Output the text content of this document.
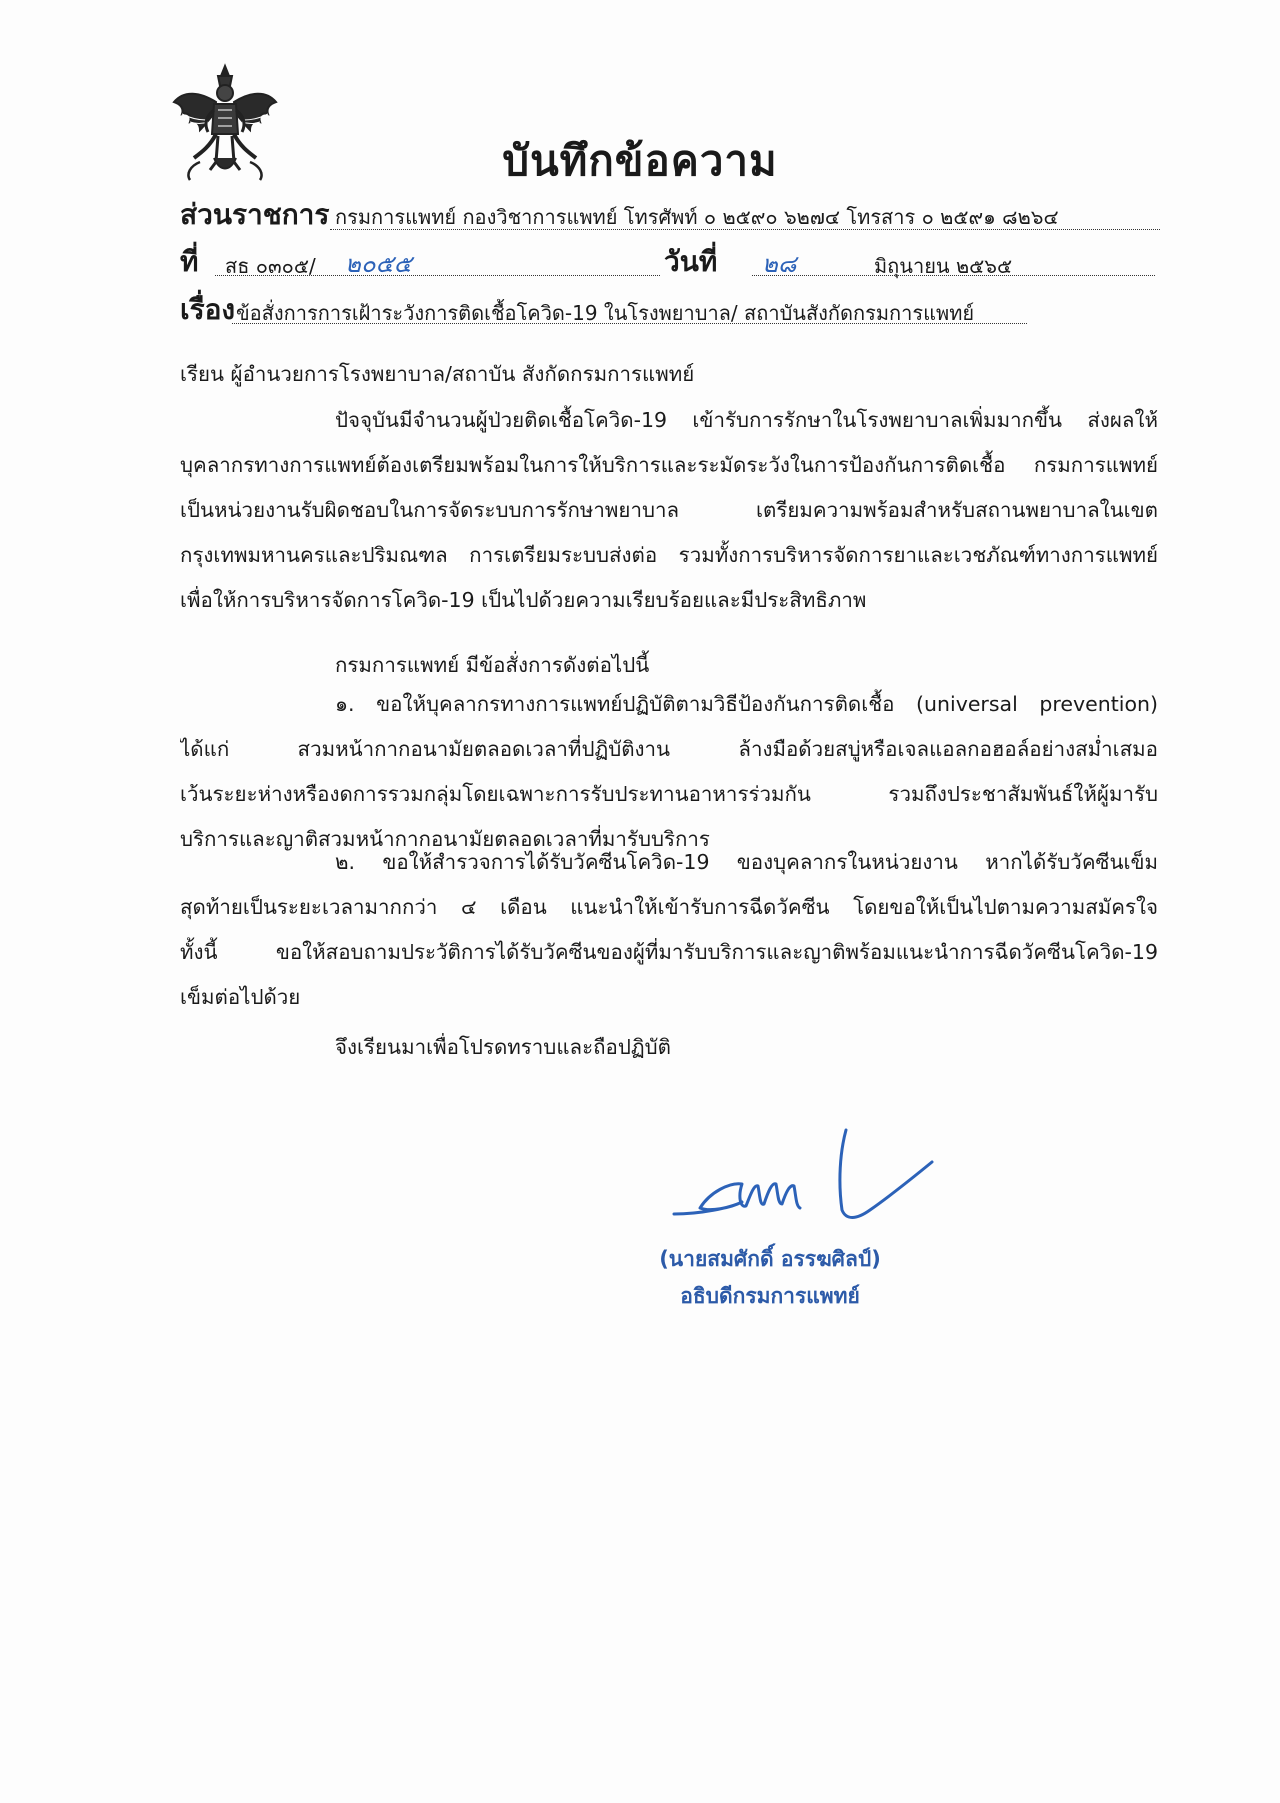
บันทึกข้อความ
ส่วนราชการ กรมการแพทย์ กองวิชาการแพทย์ โทรศัพท์ ๐ ๒๕๙๐ ๖๒๗๔ โทรสาร ๐ ๒๕๙๑ ๘๒๖๔
ที่ สธ ๐๓๐๕/ ๒๐๕๕	วันที่ ๒๘	มิถุนายน ๒๕๖๕
เรื่อง ข้อสั่งการการเฝ้าระวังการติดเชื้อโควิด-19 ในโรงพยาบาล/ สถาบันสังกัดกรมการแพทย์
เรียน ผู้อำนวยการโรงพยาบาล/สถาบัน สังกัดกรมการแพทย์
ปัจจุบันมีจำนวนผู้ป่วยติดเชื้อโควิด-19 เข้ารับการรักษาในโรงพยาบาลเพิ่มมากขึ้น ส่งผลให้
บุคลากรทางการแพทย์ต้องเตรียมพร้อมในการให้บริการและระมัดระวังในการป้องกันการติดเชื้อ กรมการแพทย์
เป็นหน่วยงานรับผิดชอบในการจัดระบบการรักษาพยาบาล เตรียมความพร้อมสำหรับสถานพยาบาลในเขต
กรุงเทพมหานครและปริมณฑล การเตรียมระบบส่งต่อ รวมทั้งการบริหารจัดการยาและเวชภัณฑ์ทางการแพทย์
เพื่อให้การบริหารจัดการโควิด-19 เป็นไปด้วยความเรียบร้อยและมีประสิทธิภาพ
กรมการแพทย์ มีข้อสั่งการดังต่อไปนี้
๑. ขอให้บุคลากรทางการแพทย์ปฏิบัติตามวิธีป้องกันการติดเชื้อ (universal prevention)
ได้แก่ สวมหน้ากากอนามัยตลอดเวลาที่ปฏิบัติงาน ล้างมือด้วยสบู่หรือเจลแอลกอฮอล์อย่างสม่ำเสมอ
เว้นระยะห่างหรืองดการรวมกลุ่มโดยเฉพาะการรับประทานอาหารร่วมกัน รวมถึงประชาสัมพันธ์ให้ผู้มารับ
บริการและญาติสวมหน้ากากอนามัยตลอดเวลาที่มารับบริการ
๒. ขอให้สำรวจการได้รับวัคซีนโควิด-19 ของบุคลากรในหน่วยงาน หากได้รับวัคซีนเข็ม
สุดท้ายเป็นระยะเวลามากกว่า ๔ เดือน แนะนำให้เข้ารับการฉีดวัคซีน โดยขอให้เป็นไปตามความสมัครใจ
ทั้งนี้ ขอให้สอบถามประวัติการได้รับวัคซีนของผู้ที่มารับบริการและญาติพร้อมแนะนำการฉีดวัคซีนโควิด-19
เข็มต่อไปด้วย
จึงเรียนมาเพื่อโปรดทราบและถือปฏิบัติ
(นายสมศักดิ์ อรรฆศิลป์)
อธิบดีกรมการแพทย์
